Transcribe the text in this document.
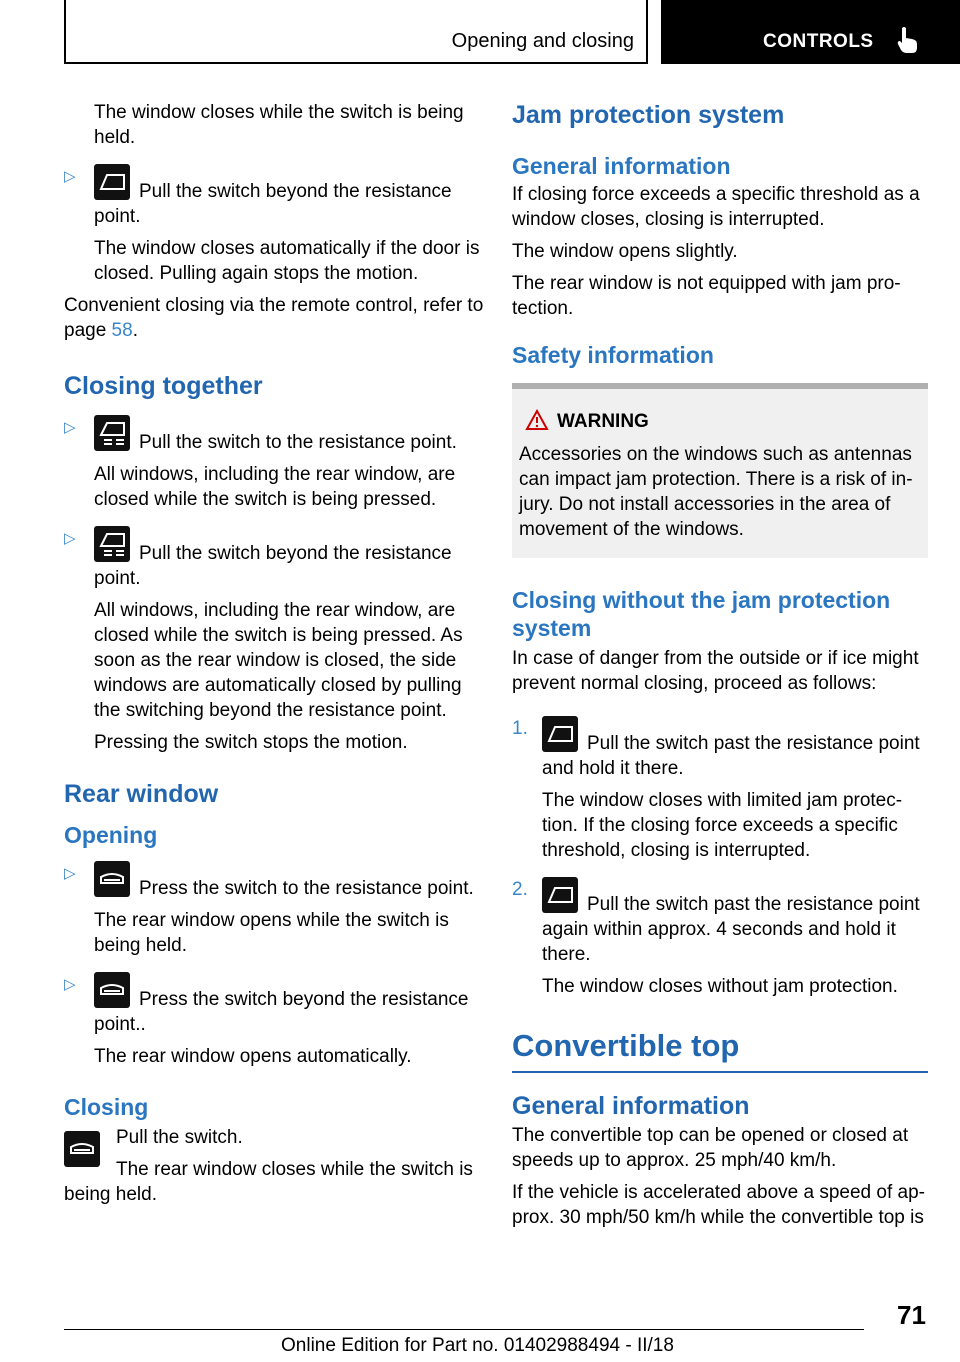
Opening and closing	CONTROLS

The window closes while the switch is being held.

▷
Pull the switch beyond the resistance point.

The window closes automatically if the door is closed. Pulling again stops the motion.

Convenient closing via the remote control, refer to page 58.

Closing together
▷
Pull the switch to the resistance point.

All windows, including the rear window, are closed while the switch is being pressed.

▷
Pull the switch beyond the resistance point.

All windows, including the rear window, are closed while the switch is being pressed. As soon as the rear window is closed, the side windows are automatically closed by pulling the switching beyond the resistance point.

Pressing the switch stops the motion.

Rear window
Opening
▷
Press the switch to the resistance point.

The rear window opens while the switch is being held.

▷
Press the switch beyond the resistance point..

The rear window opens automatically.

Closing

Pull the switch.

The rear window closes while the switch is being held.

Jam protection system
General information

If closing force exceeds a specific threshold as a window closes, closing is interrupted.

The window opens slightly.

The rear window is not equipped with jam pro‐tection.

Safety information
WARNING

Accessories on the windows such as antennas can impact jam protection. There is a risk of in‐jury. Do not install accessories in the area of movement of the windows.

Closing without the jam protection system

In case of danger from the outside or if ice might prevent normal closing, proceed as follows:

1.
Pull the switch past the resistance point and hold it there.

The window closes with limited jam protec‐tion. If the closing force exceeds a specific threshold, closing is interrupted.

2.
Pull the switch past the resistance point again within approx. 4 seconds and hold it there.

The window closes without jam protection.

Convertible top
General information

The convertible top can be opened or closed at speeds up to approx. 25 mph/40 km/h.

If the vehicle is accelerated above a speed of ap‐prox. 30 mph/50 km/h while the convertible top is

71
Online Edition for Part no. 01402988494 - II/18
